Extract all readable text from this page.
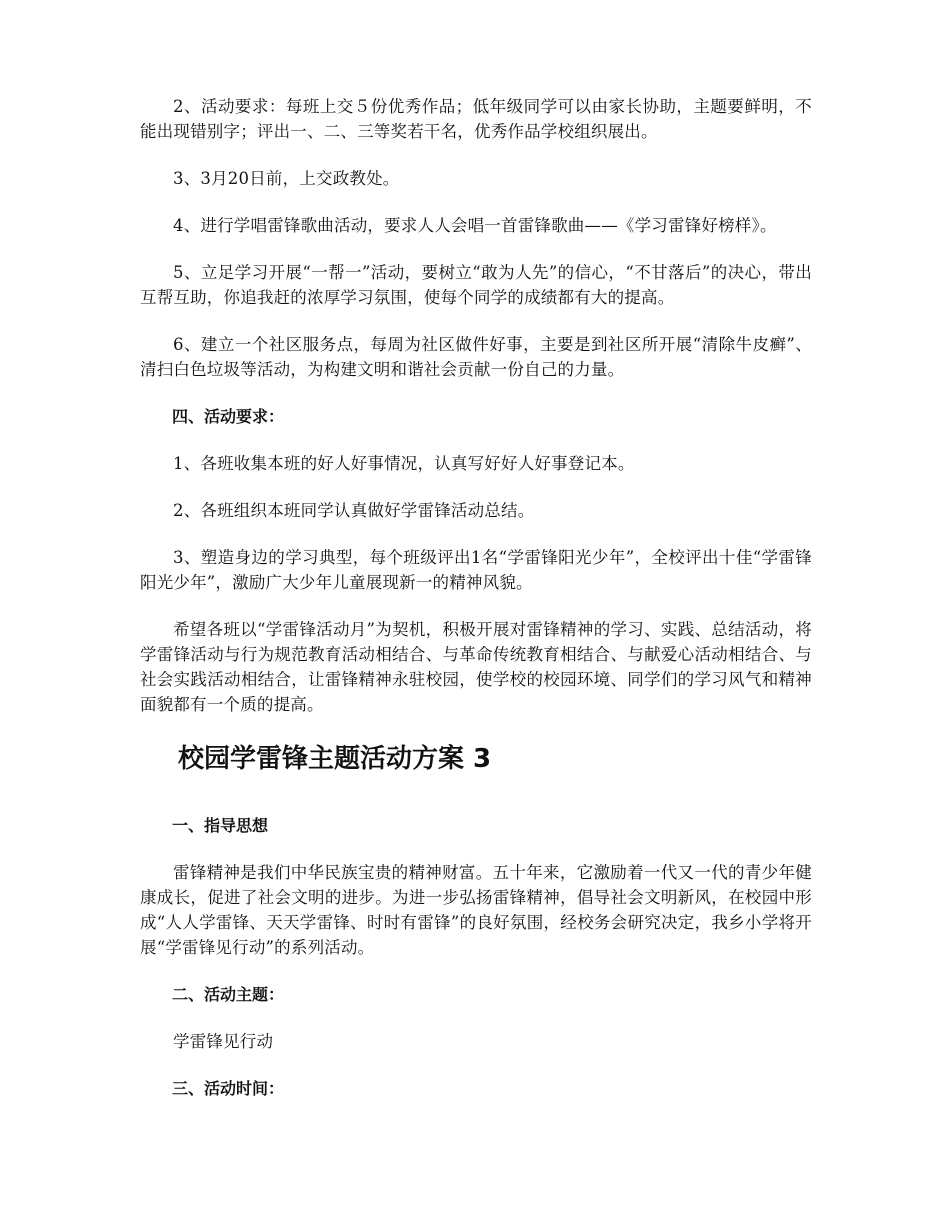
2、活动要求：每班上交５份优秀作品；低年级同学可以由家长协助，主题要鲜明，不能出现错别字；评出一、二、三等奖若干名，优秀作品学校组织展出。

3、3月20日前，上交政教处。

4、进行学唱雷锋歌曲活动，要求人人会唱一首雷锋歌曲——《学习雷锋好榜样》。

5、立足学习开展“一帮一”活动，要树立“敢为人先”的信心，“不甘落后”的决心，带出互帮互助，你追我赶的浓厚学习氛围，使每个同学的成绩都有大的提高。

6、建立一个社区服务点，每周为社区做件好事，主要是到社区所开展“清除牛皮癣”、清扫白色垃圾等活动，为构建文明和谐社会贡献一份自己的力量。

四、活动要求：

1、各班收集本班的好人好事情况，认真写好好人好事登记本。

2、各班组织本班同学认真做好学雷锋活动总结。

3、塑造身边的学习典型，每个班级评出1名“学雷锋阳光少年”，全校评出十佳“学雷锋阳光少年”，激励广大少年儿童展现新一的精神风貌。

希望各班以“学雷锋活动月”为契机，积极开展对雷锋精神的学习、实践、总结活动，将学雷锋活动与行为规范教育活动相结合、与革命传统教育相结合、与献爱心活动相结合、与社会实践活动相结合，让雷锋精神永驻校园，使学校的校园环境、同学们的学习风气和精神面貌都有一个质的提高。

校园学雷锋主题活动方案 3

一、指导思想

雷锋精神是我们中华民族宝贵的精神财富。五十年来，它激励着一代又一代的青少年健康成长，促进了社会文明的进步。为进一步弘扬雷锋精神，倡导社会文明新风，在校园中形成“人人学雷锋、天天学雷锋、时时有雷锋”的良好氛围，经校务会研究决定，我乡小学将开展“学雷锋见行动”的系列活动。

二、活动主题：

学雷锋见行动

三、活动时间：
